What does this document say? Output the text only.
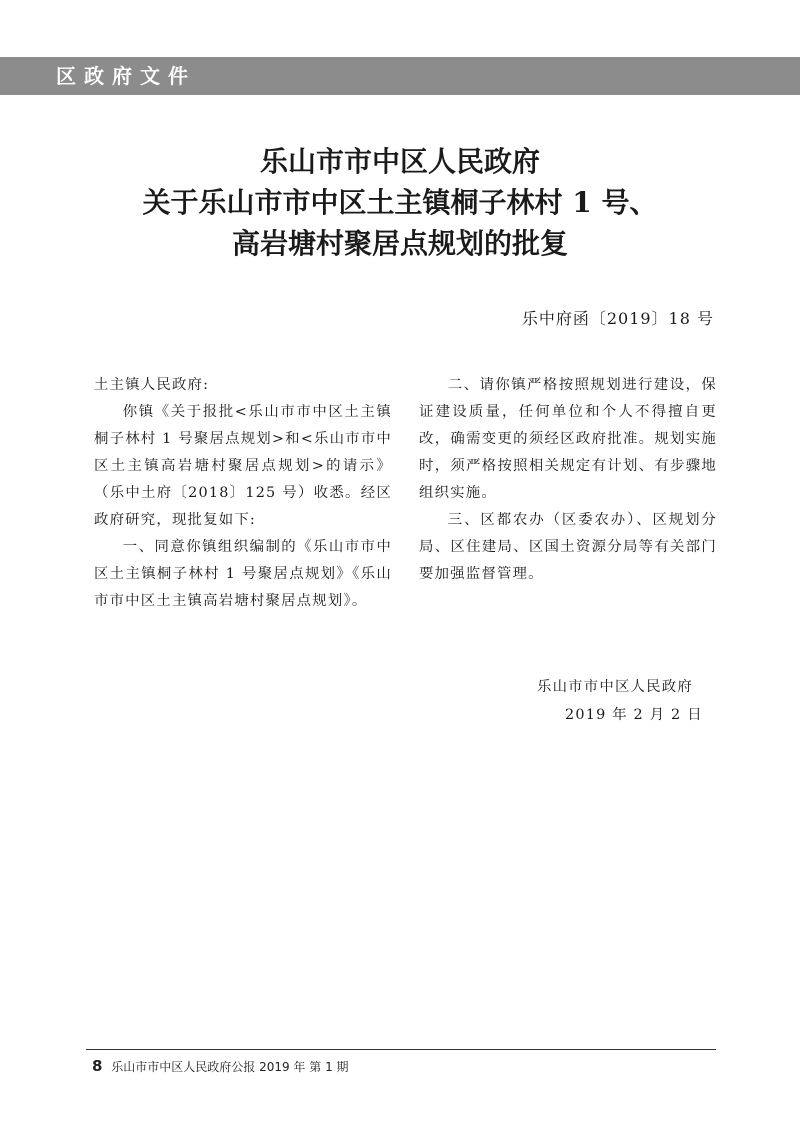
区政府文件
乐山市市中区人民政府
关于乐山市市中区土主镇桐子林村 1 号、
高岩塘村聚居点规划的批复
乐中府函〔2019〕18 号

土主镇人民政府:

你镇《关于报批<乐山市市中区土主镇桐子林村 1 号聚居点规划>和<乐山市市中区土主镇高岩塘村聚居点规划>的请示》（乐中土府〔2018〕125 号）收悉。经区政府研究，现批复如下:

一、同意你镇组织编制的《乐山市市中区土主镇桐子林村 1 号聚居点规划》《乐山市市中区土主镇高岩塘村聚居点规划》。

二、请你镇严格按照规划进行建设，保证建设质量，任何单位和个人不得擅自更改，确需变更的须经区政府批准。规划实施时，须严格按照相关规定有计划、有步骤地组织实施。

三、区都农办（区委农办）、区规划分局、区住建局、区国土资源分局等有关部门要加强监督管理。

乐山市市中区人民政府
2019 年 2 月 2 日
8 乐山市市中区人民政府公报 2019 年 第 1 期
